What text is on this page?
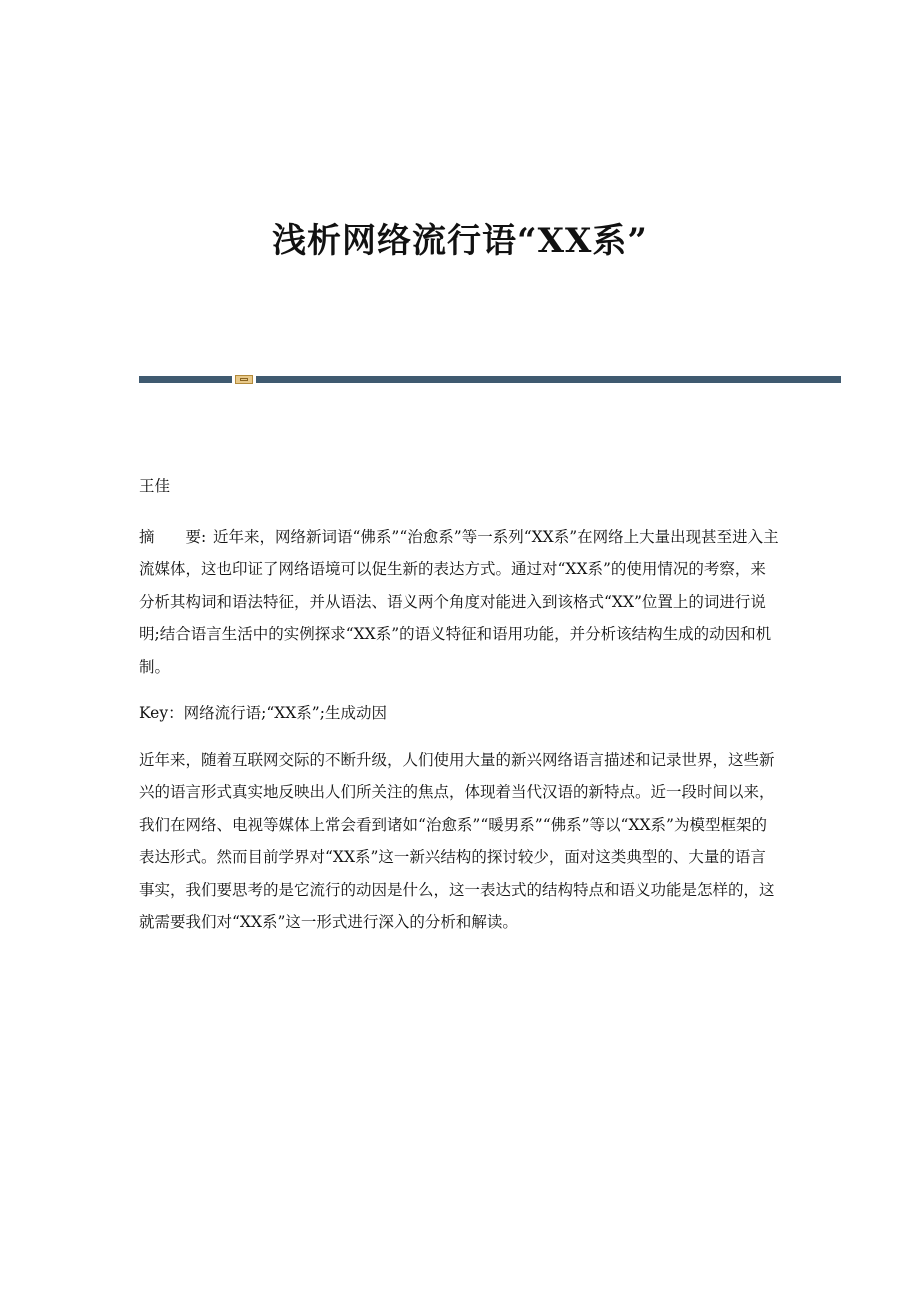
浅析网络流行语“XX系”

王佳

摘　　要: 近年来，网络新词语“佛系”“治愈系”等一系列“XX系”在网络上大量出现甚至进入主流媒体，这也印证了网络语境可以促生新的表达方式。通过对“XX系”的使用情况的考察，来分析其构词和语法特征，并从语法、语义两个角度对能进入到该格式“XX”位置上的词进行说明;结合语言生活中的实例探求“XX系”的语义特征和语用功能，并分析该结构生成的动因和机制。

Key：网络流行语;“XX系”;生成动因

近年来，随着互联网交际的不断升级，人们使用大量的新兴网络语言描述和记录世界，这些新兴的语言形式真实地反映出人们所关注的焦点，体现着当代汉语的新特点。近一段时间以来，我们在网络、电视等媒体上常会看到诸如“治愈系”“暖男系”“佛系”等以“XX系”为模型框架的表达形式。然而目前学界对“XX系”这一新兴结构的探讨较少，面对这类典型的、大量的语言事实，我们要思考的是它流行的动因是什么，这一表达式的结构特点和语义功能是怎样的，这就需要我们对“XX系”这一形式进行深入的分析和解读。
